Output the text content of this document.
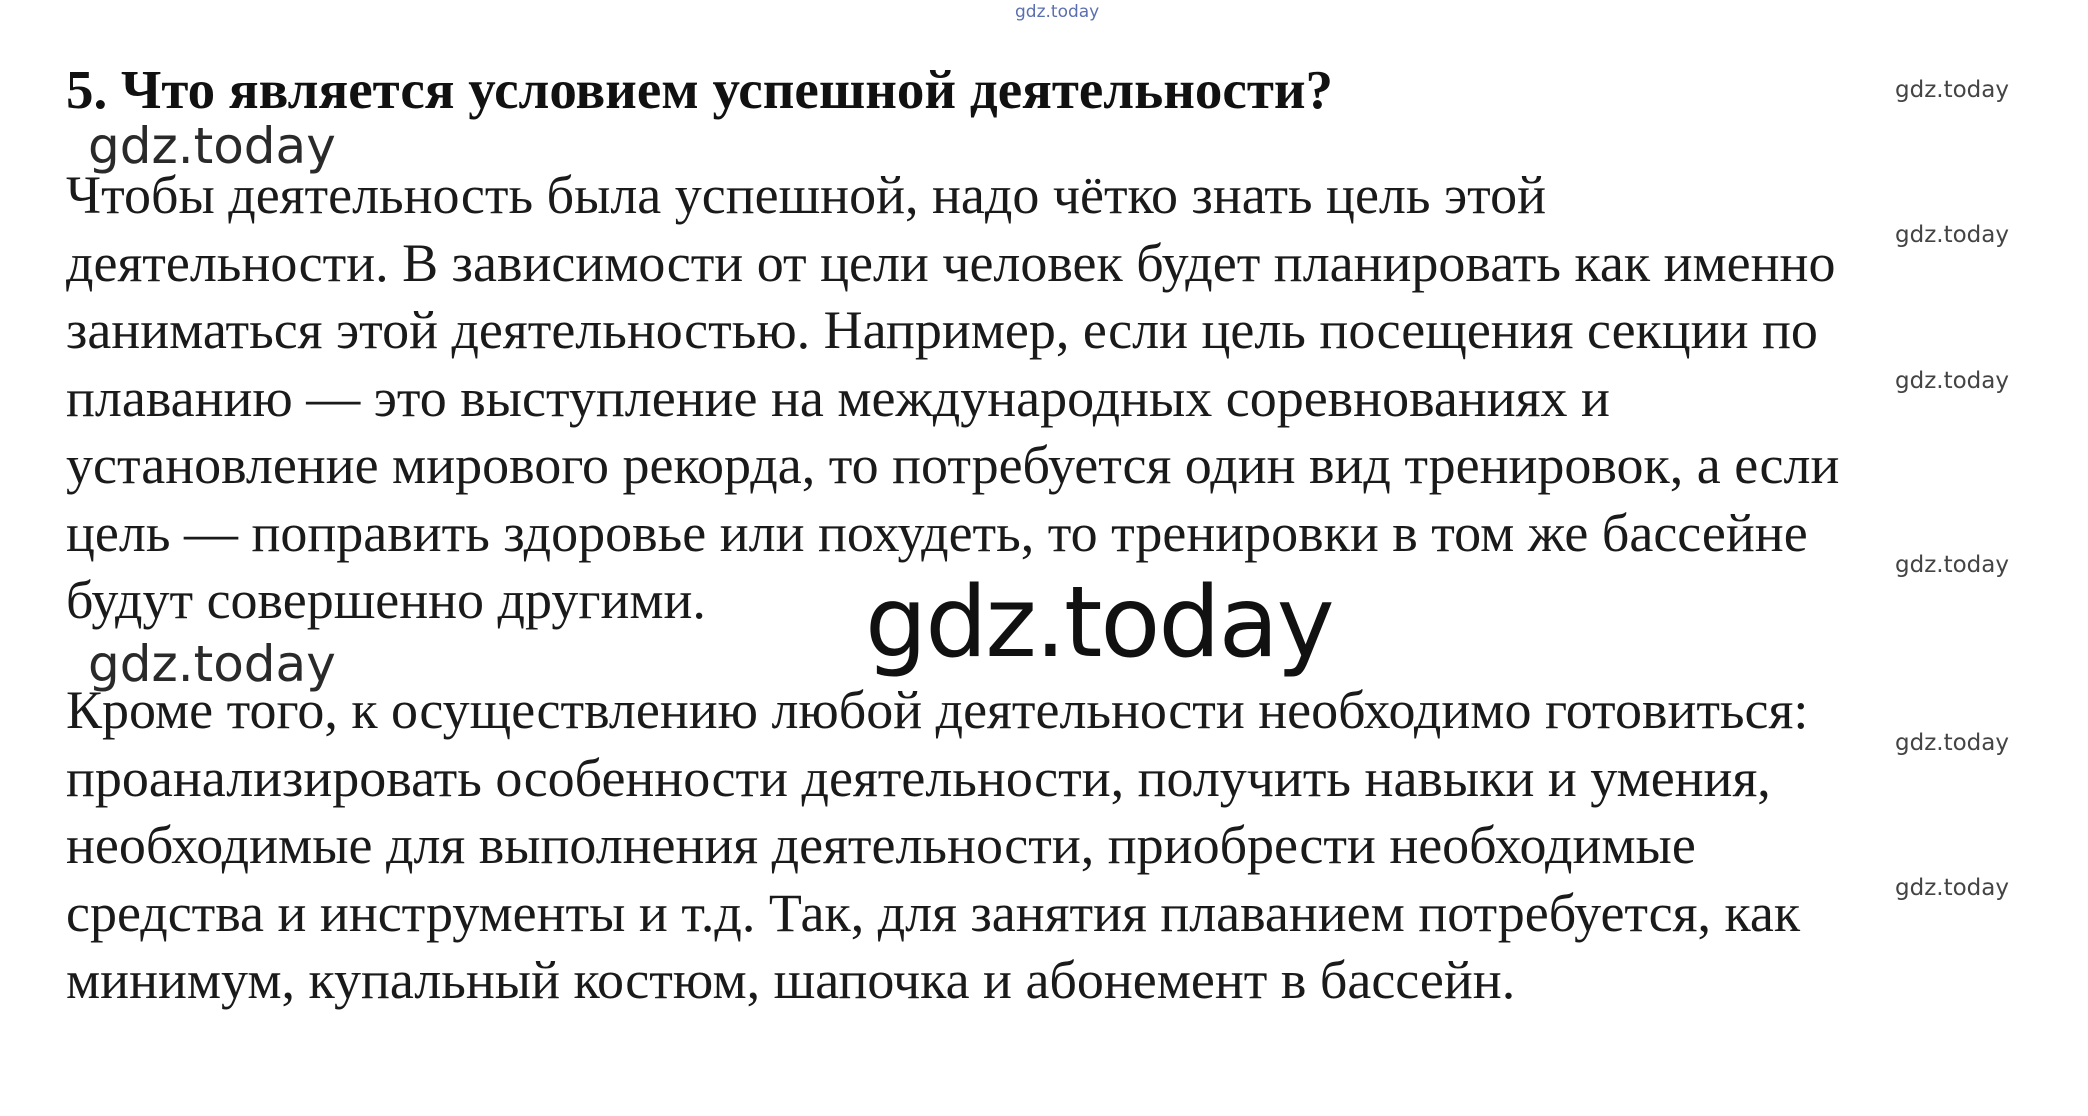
gdz.today
5. Что является условием успешной деятельности?	gdz.today
gdz.today
Чтобы деятельность была успешной, надо чётко знать цель этой
деятельности. В зависимости от цели человек будет планировать как именно
заниматься этой деятельностью. Например, если цель посещения секции по
плаванию — это выступление на международных соревнованиях и
установление мирового рекорда, то потребуется один вид тренировок, а если
цель — поправить здоровье или похудеть, то тренировки в том же бассейне
будут совершенно другими.
gdz.today
gdz.today
gdz.today
gdz.today
gdz.today
Кроме того, к осуществлению любой деятельности необходимо готовиться:
проанализировать особенности деятельности, получить навыки и умения,
необходимые для выполнения деятельности, приобрести необходимые
средства и инструменты и т.д. Так, для занятия плаванием потребуется, как
минимум, купальный костюм, шапочка и абонемент в бассейн.
gdz.today
gdz.today
